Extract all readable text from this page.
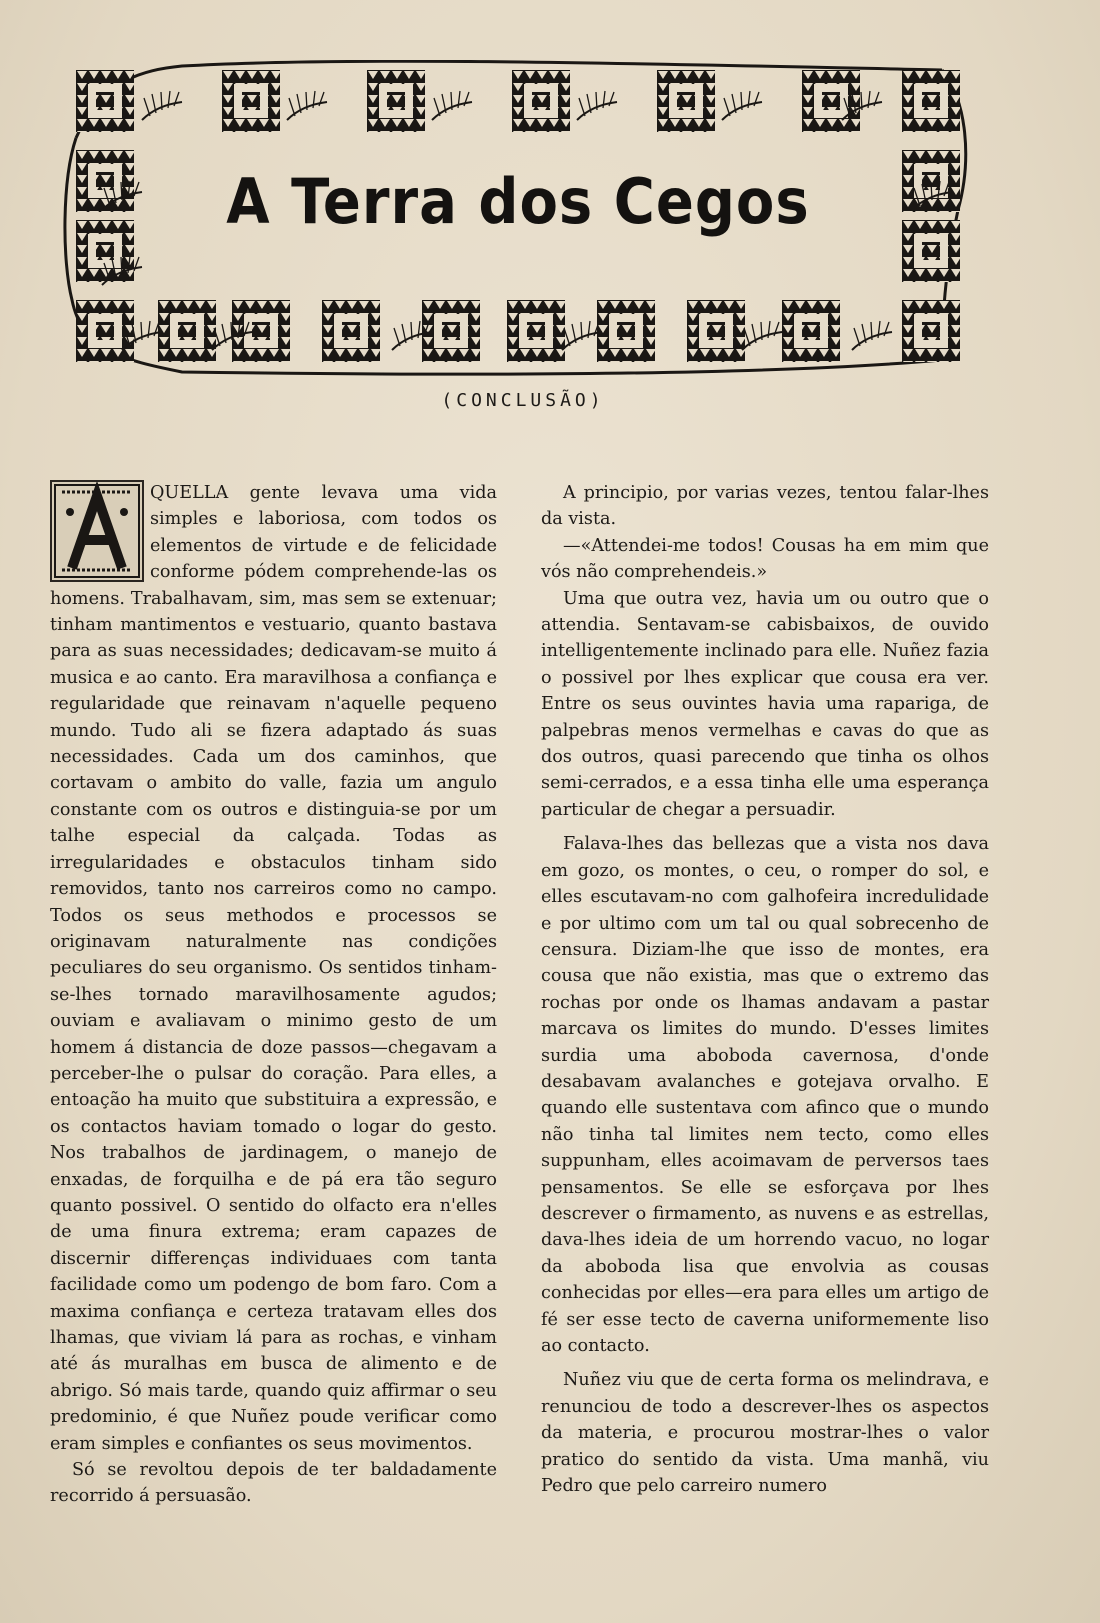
A Terra dos Cegos
(CONCLUSÃO)

QUELLA gente levava uma vida simples e laboriosa, com todos os elementos de virtude e de felicidade conforme pódem comprehende-las os homens. Trabalhavam, sim, mas sem se extenuar; tinham mantimentos e vestuario, quanto bastava para as suas necessidades; dedicavam-se muito á musica e ao canto. Era maravilhosa a confiança e regularidade que reinavam n'aquelle pequeno mundo. Tudo ali se fizera adaptado ás suas necessidades. Cada um dos caminhos, que cortavam o ambito do valle, fazia um angulo constante com os outros e distinguia-se por um talhe especial da calçada. Todas as irregularidades e obstaculos tinham sido removidos, tanto nos carreiros como no campo. Todos os seus methodos e processos se originavam naturalmente nas condições peculiares do seu organismo. Os sentidos tinham-se-lhes tornado maravilhosamente agudos; ouviam e avaliavam o minimo gesto de um homem á distancia de doze passos—chegavam a perceber-lhe o pulsar do coração. Para elles, a entoação ha muito que substituira a expressão, e os contactos haviam tomado o logar do gesto. Nos trabalhos de jardinagem, o manejo de enxadas, de forquilha e de pá era tão seguro quanto possivel. O sentido do olfacto era n'elles de uma finura extrema; eram capazes de discernir differenças individuaes com tanta facilidade como um podengo de bom faro. Com a maxima confiança e certeza tratavam elles dos lhamas, que viviam lá para as rochas, e vinham até ás muralhas em busca de alimento e de abrigo. Só mais tarde, quando quiz affirmar o seu predominio, é que Nuñez poude verificar como eram simples e confiantes os seus movimentos.

Só se revoltou depois de ter baldadamente recorrido á persuasão.

A principio, por varias vezes, tentou falar-lhes da vista.

—«Attendei-me todos! Cousas ha em mim que vós não comprehendeis.»

Uma que outra vez, havia um ou outro que o attendia. Sentavam-se cabisbaixos, de ouvido intelligentemente inclinado para elle. Nuñez fazia o possivel por lhes explicar que cousa era ver. Entre os seus ouvintes havia uma rapariga, de palpebras menos vermelhas e cavas do que as dos outros, quasi parecendo que tinha os olhos semi-cerrados, e a essa tinha elle uma esperança particular de chegar a persuadir.

Falava-lhes das bellezas que a vista nos dava em gozo, os montes, o ceu, o romper do sol, e elles escutavam-no com galhofeira incredulidade e por ultimo com um tal ou qual sobrecenho de censura. Diziam-lhe que isso de montes, era cousa que não existia, mas que o extremo das rochas por onde os lhamas andavam a pastar marcava os limites do mundo. D'esses limites surdia uma aboboda cavernosa, d'onde desabavam avalanches e gotejava orvalho. E quando elle sustentava com afinco que o mundo não tinha tal limites nem tecto, como elles suppunham, elles acoimavam de perversos taes pensamentos. Se elle se esforçava por lhes descrever o firmamento, as nuvens e as estrellas, dava-lhes ideia de um horrendo vacuo, no logar da aboboda lisa que envolvia as cousas conhecidas por elles—era para elles um artigo de fé ser esse tecto de caverna uniformemente liso ao contacto.

Nuñez viu que de certa forma os melindrava, e renunciou de todo a descrever-lhes os aspectos da materia, e procurou mostrar-lhes o valor pratico do sentido da vista. Uma manhã, viu Pedro que pelo carreiro numero
